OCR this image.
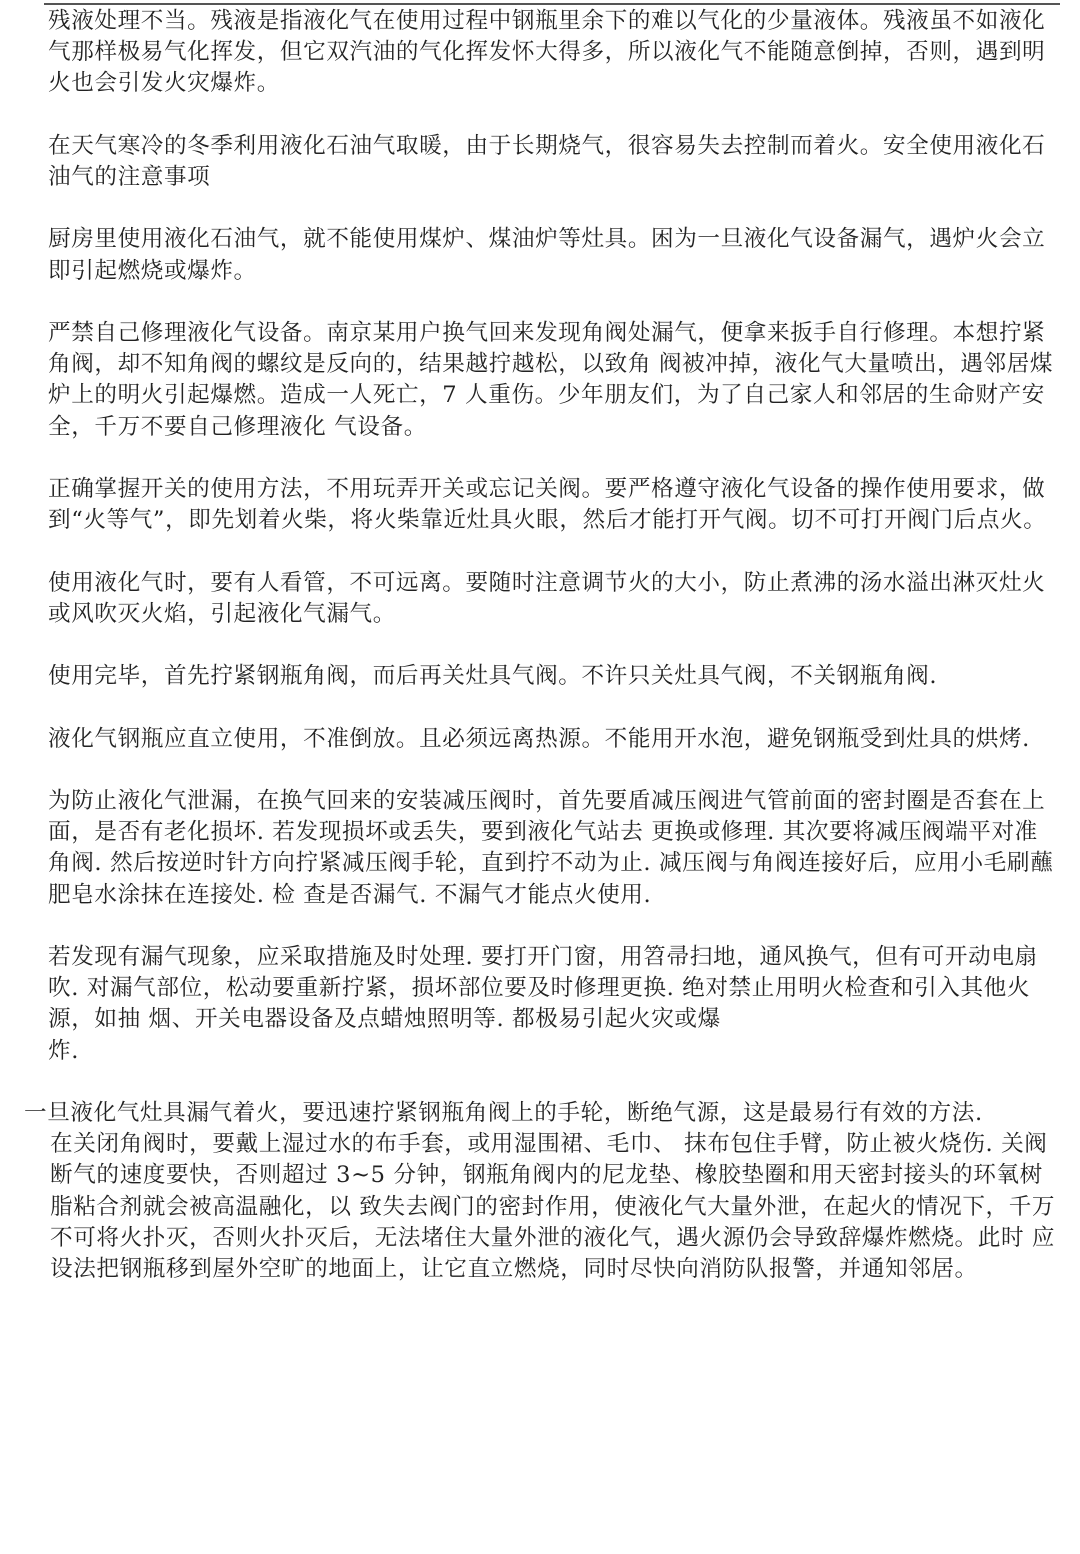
残液处理不当。残液是指液化气在使用过程中钢瓶里余下的难以气化的少量液体。残液虽不如液化气那样极易气化挥发，但它双汽油的气化挥发怀大得多，所以液化气不能随意倒掉，否则，遇到明火也会引发火灾爆炸。

在天气寒冷的冬季利用液化石油气取暖，由于长期烧气，很容易失去控制而着火。安全使用液化石油气的注意事项

厨房里使用液化石油气，就不能使用煤炉、煤油炉等灶具。困为一旦液化气设备漏气，遇炉火会立即引起燃烧或爆炸。

严禁自己修理液化气设备。南京某用户换气回来发现角阀处漏气，便拿来扳手自行修理。本想拧紧角阀，却不知角阀的螺纹是反向的，结果越拧越松，以致角 阀被冲掉，液化气大量喷出，遇邻居煤炉上的明火引起爆燃。造成一人死亡，7 人重伤。少年朋友们，为了自己家人和邻居的生命财产安全，千万不要自己修理液化 气设备。

正确掌握开关的使用方法，不用玩弄开关或忘记关阀。要严格遵守液化气设备的操作使用要求，做到“火等气”，即先划着火柴，将火柴靠近灶具火眼，然后才能打开气阀。切不可打开阀门后点火。

使用液化气时，要有人看管，不可远离。要随时注意调节火的大小，防止煮沸的汤水溢出淋灭灶火或风吹灭火焰，引起液化气漏气。

使用完毕，首先拧紧钢瓶角阀，而后再关灶具气阀。不许只关灶具气阀，不关钢瓶角阀.

液化气钢瓶应直立使用，不准倒放。且必须远离热源。不能用开水泡，避免钢瓶受到灶具的烘烤.

为防止液化气泄漏，在换气回来的安装减压阀时，首先要盾减压阀进气管前面的密封圈是否套在上面，是否有老化损坏. 若发现损坏或丢失，要到液化气站去 更换或修理. 其次要将减压阀端平对准角阀. 然后按逆时针方向拧紧减压阀手轮，直到拧不动为止. 减压阀与角阀连接好后，应用小毛刷蘸肥皂水涂抹在连接处. 检 查是否漏气. 不漏气才能点火使用.

若发现有漏气现象，应采取措施及时处理. 要打开门窗，用笤帚扫地，通风换气，但有可开动电扇吹. 对漏气部位，松动要重新拧紧，损坏部位要及时修理更换. 绝对禁止用明火检查和引入其他火源，如抽 烟、开关电器设备及点蜡烛照明等. 都极易引起火灾或爆

炸.

一旦液化气灶具漏气着火，要迅速拧紧钢瓶角阀上的手轮，断绝气源，这是最易行有效的方法.
在关闭角阀时，要戴上湿过水的布手套，或用湿围裙、毛巾、 抹布包住手臂，防止被火烧伤. 关阀断气的速度要快，否则超过 3~5 分钟，钢瓶角阀内的尼龙垫、橡胶垫圈和用天密封接头的环氧树脂粘合剂就会被高温融化，以 致失去阀门的密封作用，使液化气大量外泄，在起火的情况下，千万不可将火扑灭，否则火扑灭后，无法堵住大量外泄的液化气，遇火源仍会导致辞爆炸燃烧。此时 应设法把钢瓶移到屋外空旷的地面上，让它直立燃烧，同时尽快向消防队报警，并通知邻居。
